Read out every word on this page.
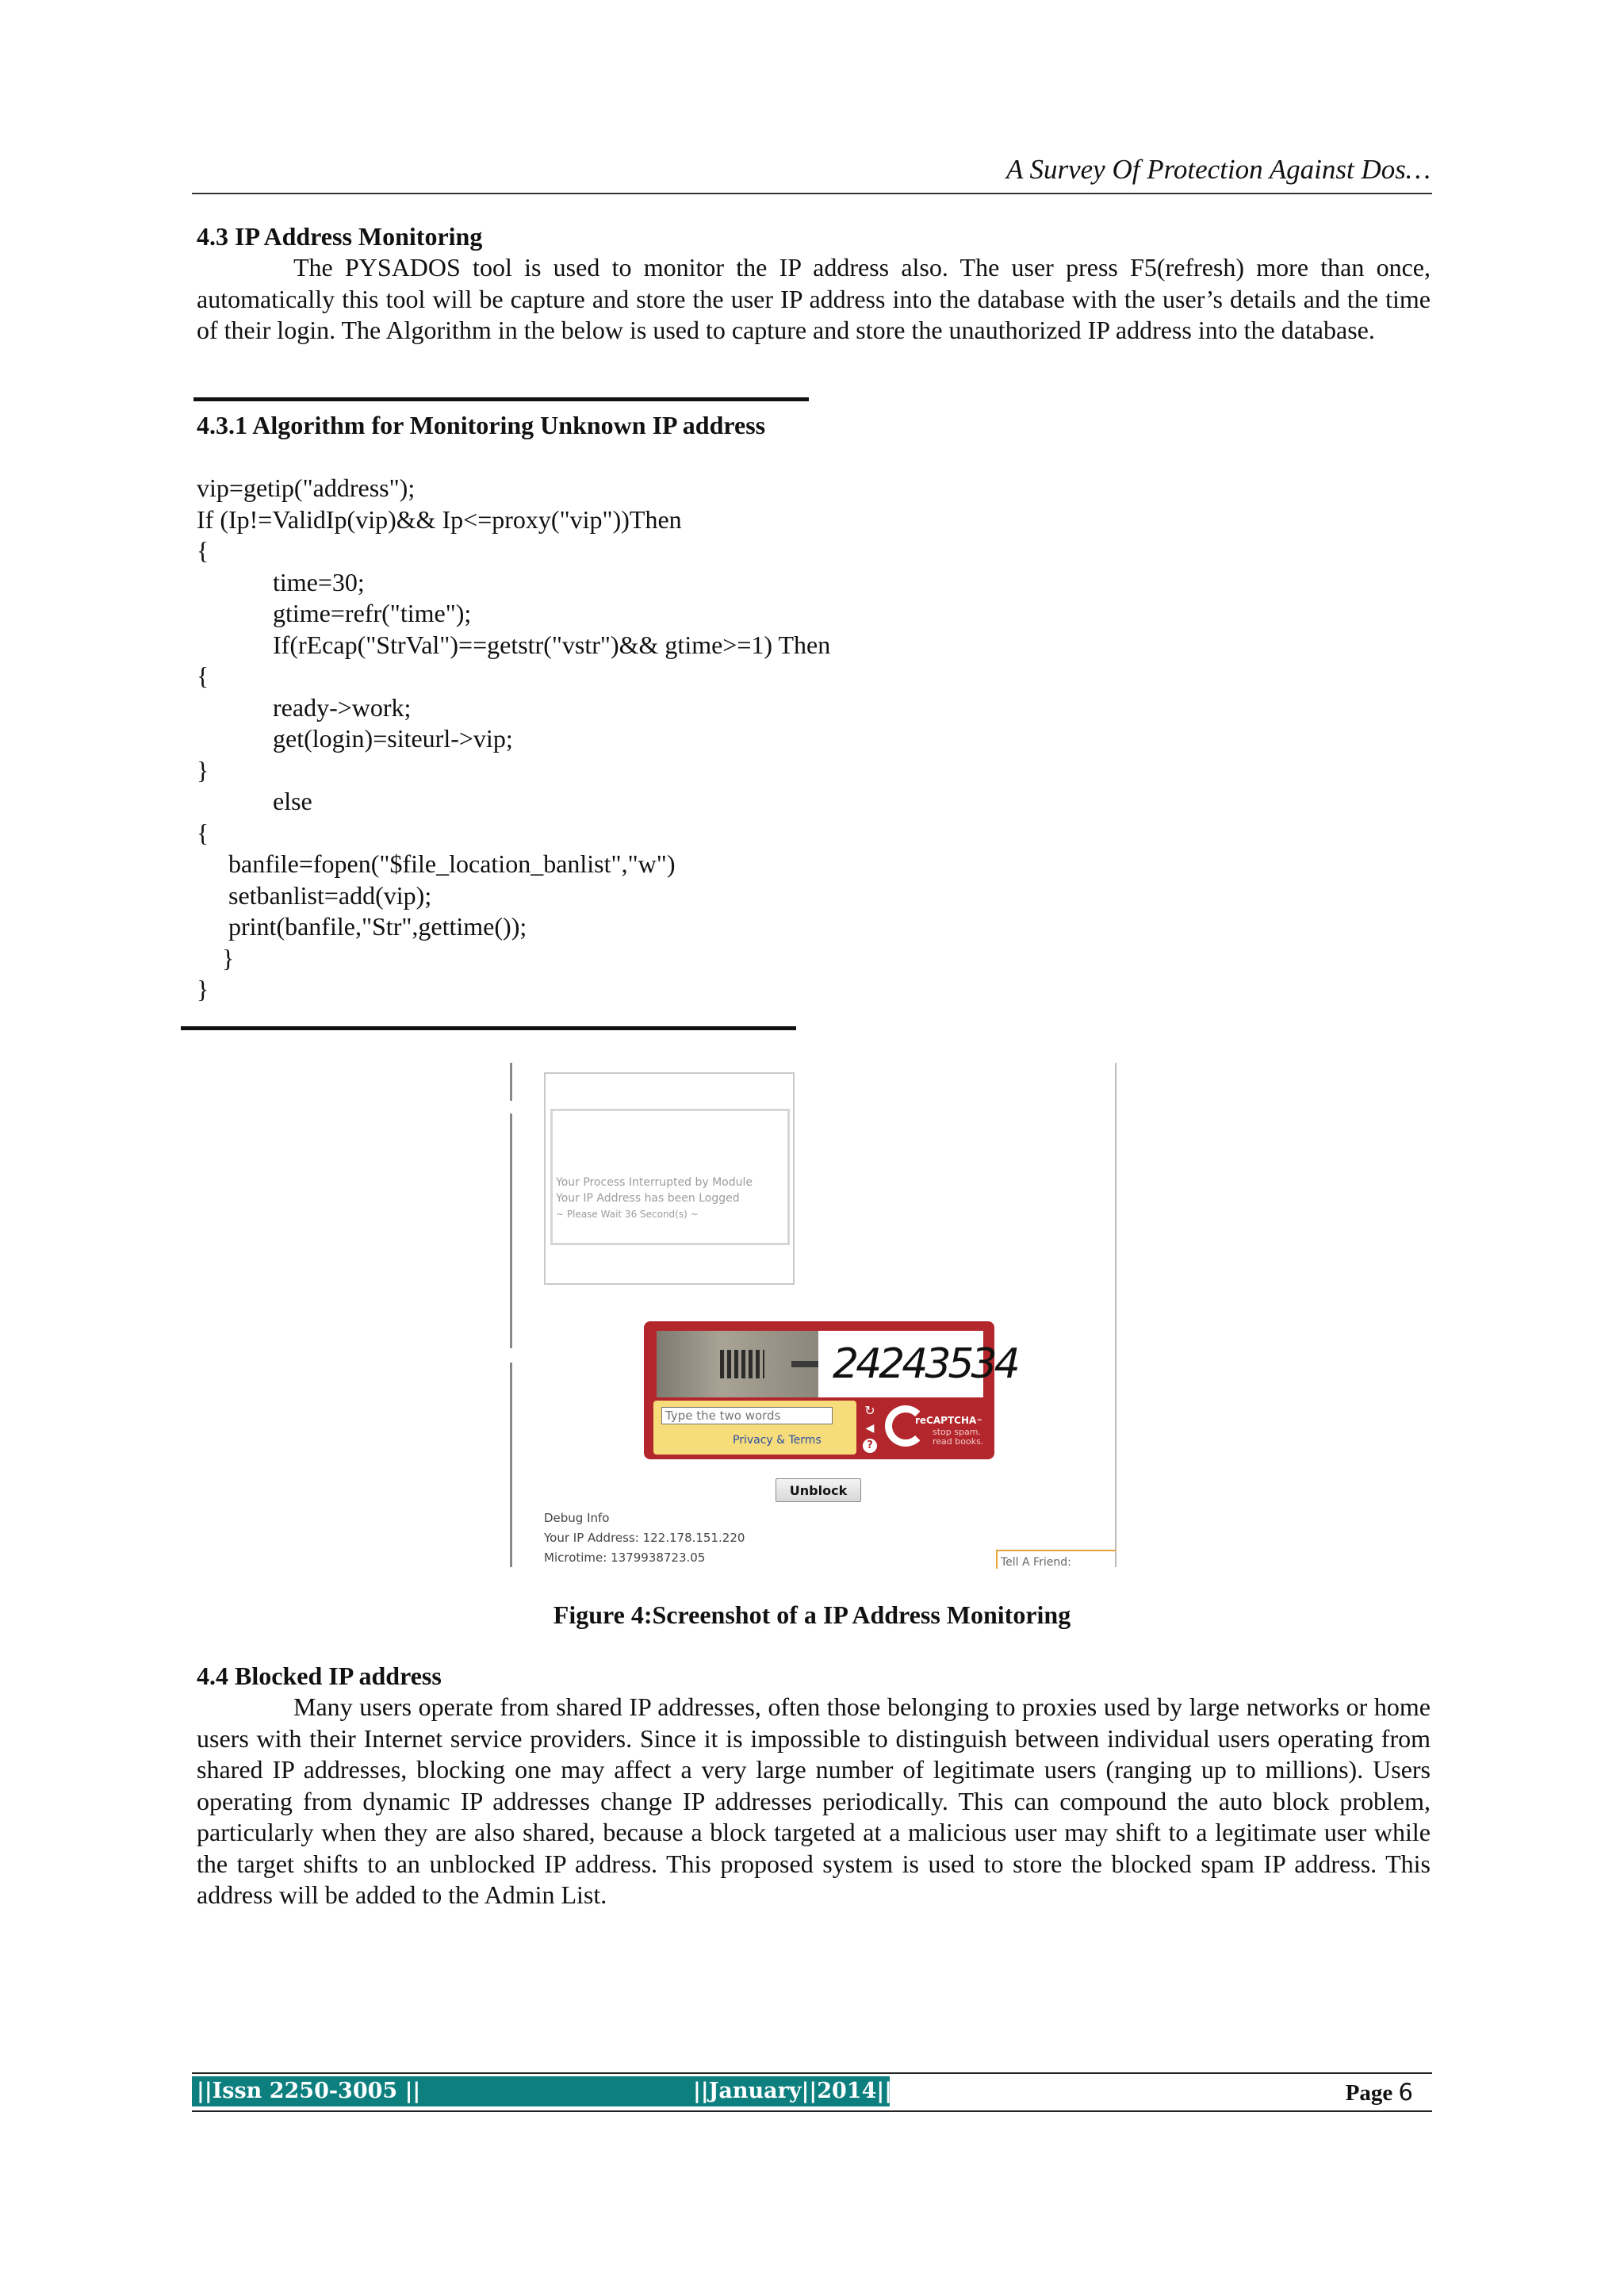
A Survey Of Protection Against Dos…
4.3 IP Address Monitoring

The PYSADOS tool is used to monitor the IP address also. The user press F5(refresh) more than once, automatically this tool will be capture and store the user IP address into the database with the user’s details and the time of their login. The Algorithm in the below is used to capture and store the unauthorized IP address into the database.

4.3.1 Algorithm for Monitoring Unknown IP address
vip=getip("address");
If (Ip!=ValidIp(vip)&& Ip<=proxy("vip"))Then
{
time=30;
gtime=refr("time");
If(rEcap("StrVal")==getstr("vstr")&& gtime>=1) Then
{
ready->work;
get(login)=siteurl->vip;
}
else
{
banfile=fopen("$file_location_banlist","w")
setbanlist=add(vip);
print(banfile,"Str",gettime());
}
}
Your Process Interrupted by Module
Your IP Address has been Logged
~ Please Wait 36 Second(s) ~
24243534
Type the two words
Privacy & Terms
↻
◀
?
reCAPTCHA™
stop spam.
read books.
Unblock
Debug Info
Your IP Address: 122.178.151.220
Microtime: 1379938723.05	Tell A Friend:
Figure 4:Screenshot of a IP Address Monitoring
4.4 Blocked IP address

Many users operate from shared IP addresses, often those belonging to proxies used by large networks or home users with their Internet service providers. Since it is impossible to distinguish between individual users operating from shared IP addresses, blocking one may affect a very large number of legitimate users (ranging up to millions). Users operating from dynamic IP addresses change IP addresses periodically. This can compound the auto block problem, particularly when they are also shared, because a block targeted at a malicious user may shift to a legitimate user while the target shifts to an unblocked IP address. This proposed system is used to store the blocked spam IP address. This address will be added to the Admin List.

||Issn 2250-3005 ||	||January||2014||	Page 6
